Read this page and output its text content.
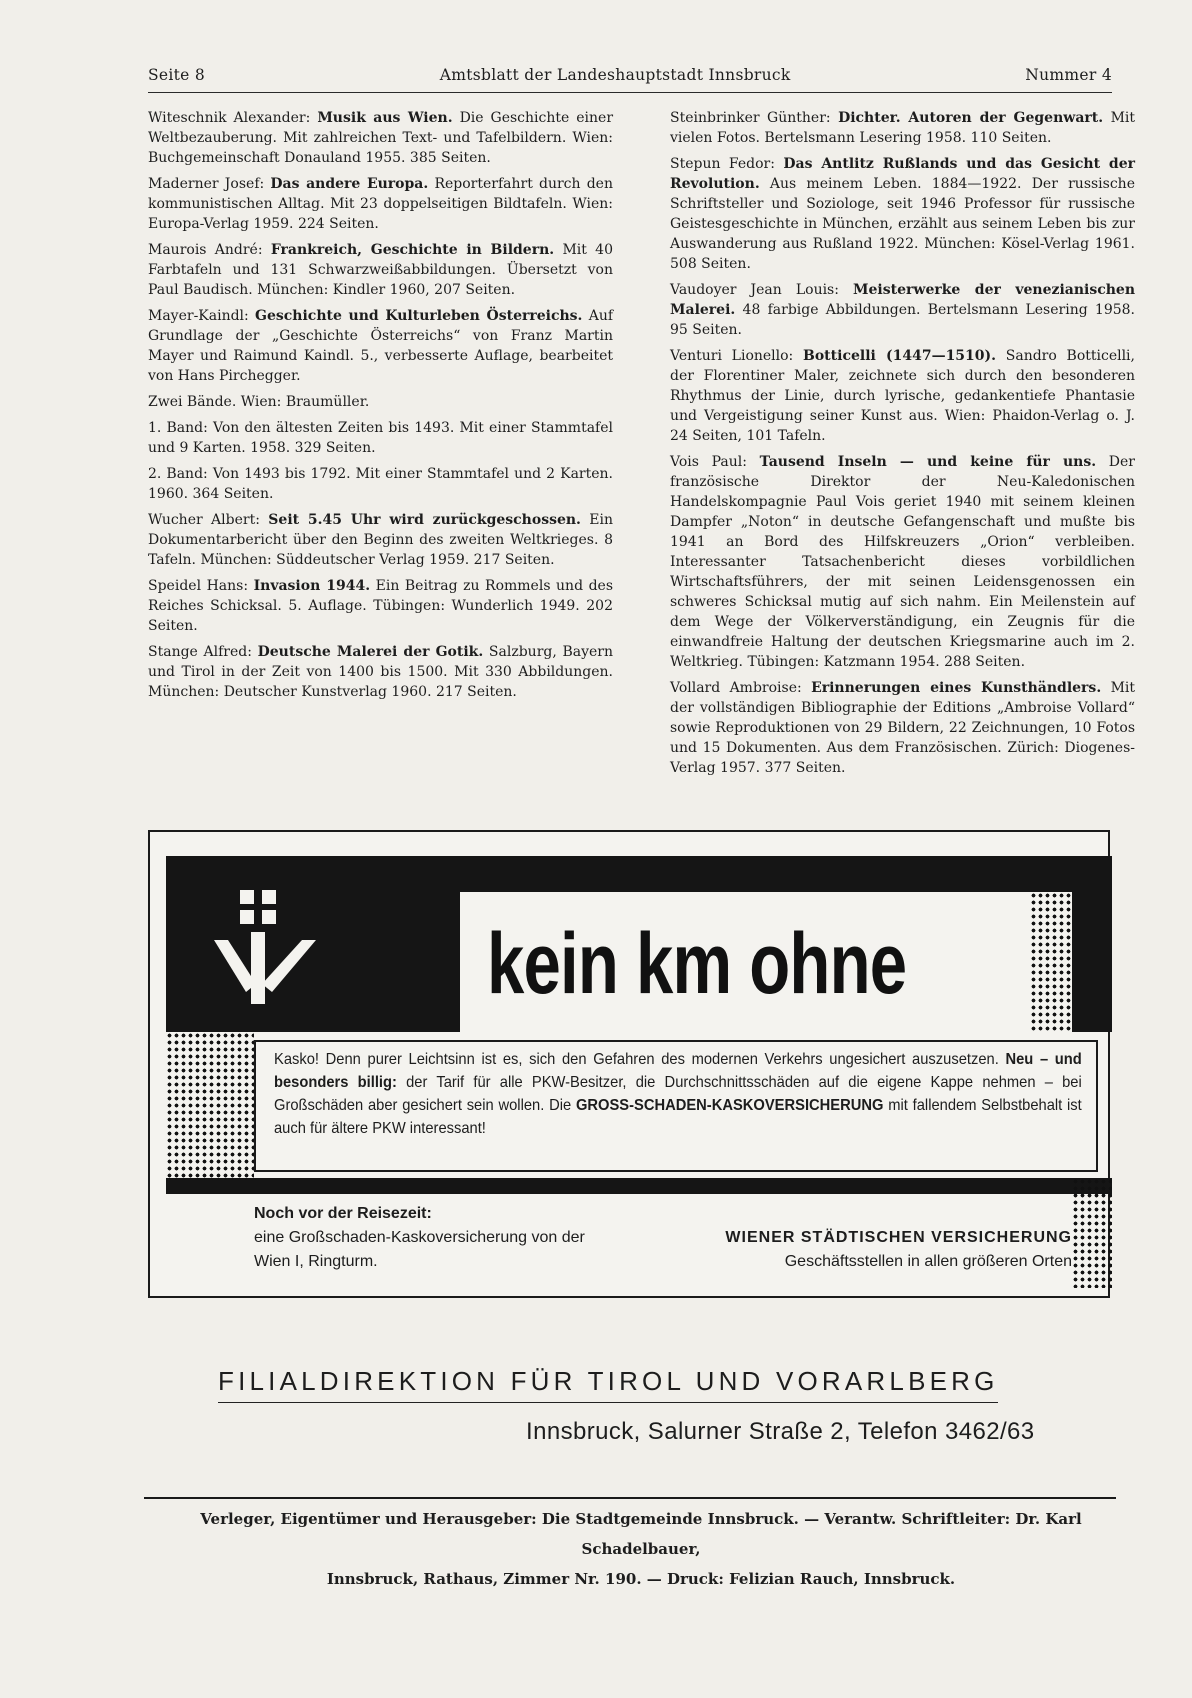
Seite 8	Amtsblatt der Landeshauptstadt Innsbruck	Nummer 4

Witeschnik Alexander: Musik aus Wien. Die Geschichte einer Weltbezauberung. Mit zahlreichen Text- und Tafelbildern. Wien: Buchgemeinschaft Donauland 1955. 385 Seiten.

Maderner Josef: Das andere Europa. Reporterfahrt durch den kommunistischen Alltag. Mit 23 doppelseitigen Bildtafeln. Wien: Europa-Verlag 1959. 224 Seiten.

Maurois André: Frankreich, Geschichte in Bildern. Mit 40 Farbtafeln und 131 Schwarzweißabbildungen. Übersetzt von Paul Baudisch. München: Kindler 1960, 207 Seiten.

Mayer-Kaindl: Geschichte und Kulturleben Österreichs. Auf Grundlage der „Geschichte Österreichs“ von Franz Martin Mayer und Raimund Kaindl. 5., verbesserte Auflage, bearbeitet von Hans Pirchegger.

Zwei Bände. Wien: Braumüller.

1. Band: Von den ältesten Zeiten bis 1493. Mit einer Stammtafel und 9 Karten. 1958. 329 Seiten.

2. Band: Von 1493 bis 1792. Mit einer Stammtafel und 2 Karten. 1960. 364 Seiten.

Wucher Albert: Seit 5.45 Uhr wird zurückgeschossen. Ein Dokumentarbericht über den Beginn des zweiten Weltkrieges. 8 Tafeln. München: Süddeutscher Verlag 1959. 217 Seiten.

Speidel Hans: Invasion 1944. Ein Beitrag zu Rommels und des Reiches Schicksal. 5. Auflage. Tübingen: Wunderlich 1949. 202 Seiten.

Stange Alfred: Deutsche Malerei der Gotik. Salzburg, Bayern und Tirol in der Zeit von 1400 bis 1500. Mit 330 Abbildungen. München: Deutscher Kunstverlag 1960. 217 Seiten.

Steinbrinker Günther: Dichter. Autoren der Gegenwart. Mit vielen Fotos. Bertelsmann Lesering 1958. 110 Seiten.

Stepun Fedor: Das Antlitz Rußlands und das Gesicht der Revolution. Aus meinem Leben. 1884—1922. Der russische Schriftsteller und Soziologe, seit 1946 Professor für russische Geistesgeschichte in München, erzählt aus seinem Leben bis zur Auswanderung aus Rußland 1922. München: Kösel-Verlag 1961. 508 Seiten.

Vaudoyer Jean Louis: Meisterwerke der venezianischen Malerei. 48 farbige Abbildungen. Bertelsmann Lesering 1958. 95 Seiten.

Venturi Lionello: Botticelli (1447—1510). Sandro Botticelli, der Florentiner Maler, zeichnete sich durch den besonderen Rhythmus der Linie, durch lyrische, gedankentiefe Phantasie und Vergeistigung seiner Kunst aus. Wien: Phaidon-Verlag o. J. 24 Seiten, 101 Tafeln.

Vois Paul: Tausend Inseln — und keine für uns. Der französische Direktor der Neu-Kaledonischen Handelskompagnie Paul Vois geriet 1940 mit seinem kleinen Dampfer „Noton“ in deutsche Gefangenschaft und mußte bis 1941 an Bord des Hilfskreuzers „Orion“ verbleiben. Interessanter Tatsachenbericht dieses vorbildlichen Wirtschaftsführers, der mit seinen Leidensgenossen ein schweres Schicksal mutig auf sich nahm. Ein Meilenstein auf dem Wege der Völkerverständigung, ein Zeugnis für die einwandfreie Haltung der deutschen Kriegsmarine auch im 2. Weltkrieg. Tübingen: Katzmann 1954. 288 Seiten.

Vollard Ambroise: Erinnerungen eines Kunsthändlers. Mit der vollständigen Bibliographie der Editions „Ambroise Vollard“ sowie Reproduktionen von 29 Bildern, 22 Zeichnungen, 10 Fotos und 15 Dokumenten. Aus dem Französischen. Zürich: Diogenes-Verlag 1957. 377 Seiten.

kein km ohne
Kasko! Denn purer Leichtsinn ist es, sich den Gefahren des modernen Verkehrs ungesichert auszusetzen. Neu – und besonders billig: der Tarif für alle PKW-Besitzer, die Durchschnittsschäden auf die eigene Kappe nehmen – bei Großschäden aber gesichert sein wollen. Die GROSS-SCHADEN-KASKOVERSICHERUNG mit fallendem Selbstbehalt ist auch für ältere PKW interessant!
Noch vor der Reisezeit:
eine Großschaden-Kaskoversicherung von der	WIENER STÄDTISCHEN VERSICHERUNG
Wien I, Ringturm.	Geschäftsstellen in allen größeren Orten
FILIALDIREKTION FÜR TIROL UND VORARLBERG
Innsbruck, Salurner Straße 2, Telefon 3462/63
Verleger, Eigentümer und Herausgeber: Die Stadtgemeinde Innsbruck. — Verantw. Schriftleiter: Dr. Karl Schadelbauer,
Innsbruck, Rathaus, Zimmer Nr. 190. — Druck: Felizian Rauch, Innsbruck.
